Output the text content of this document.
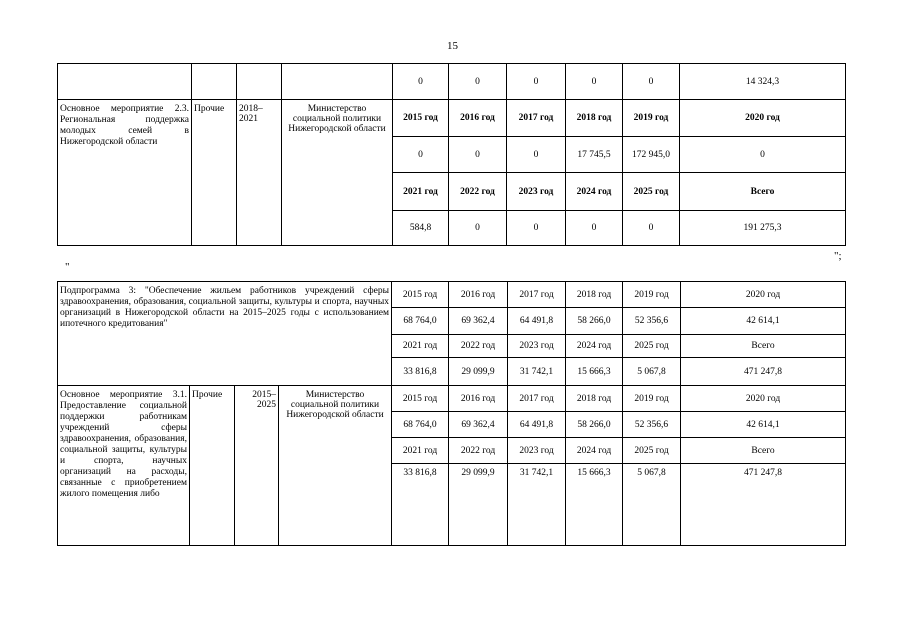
15
				0	0	0	0	0	14 324,3
Основное мероприятие 2.3. Региональная поддержка молодых семей в Нижегородской области	Прочие	2018–2021	Министерство социальной политики Нижегородской области	2015 год	2016 год	2017 год	2018 год	2019 год	2020 год
				0	0	0	17 745,5	172 945,0	0
				2021 год	2022 год	2023 год	2024 год	2025 год	Всего
				584,8	0	0	0	0	191 275,3
";
"
Подпрограмма 3: "Обеспечение жильем работников учреждений сферы здравоохранения, образования, социальной защиты, культуры и спорта, научных организаций в Нижегородской области на 2015–2025 годы с использованием ипотечного кредитования"				2015 год	2016 год	2017 год	2018 год	2019 год	2020 год
				68 764,0	69 362,4	64 491,8	58 266,0	52 356,6	42 614,1
				2021 год	2022 год	2023 год	2024 год	2025 год	Всего
				33 816,8	29 099,9	31 742,1	15 666,3	5 067,8	471 247,8
Основное мероприятие 3.1. Предоставление социальной поддержки работникам учреждений сферы здравоохранения, образования, социальной защиты, культуры и спорта, научных организаций на расходы, связанные с приобретением жилого помещения либо	Прочие	2015–2025	Министерство социальной политики Нижегородской области	2015 год	2016 год	2017 год	2018 год	2019 год	2020 год
				68 764,0	69 362,4	64 491,8	58 266,0	52 356,6	42 614,1
				2021 год	2022 год	2023 год	2024 год	2025 год	Всего
				33 816,8	29 099,9	31 742,1	15 666,3	5 067,8	471 247,8
